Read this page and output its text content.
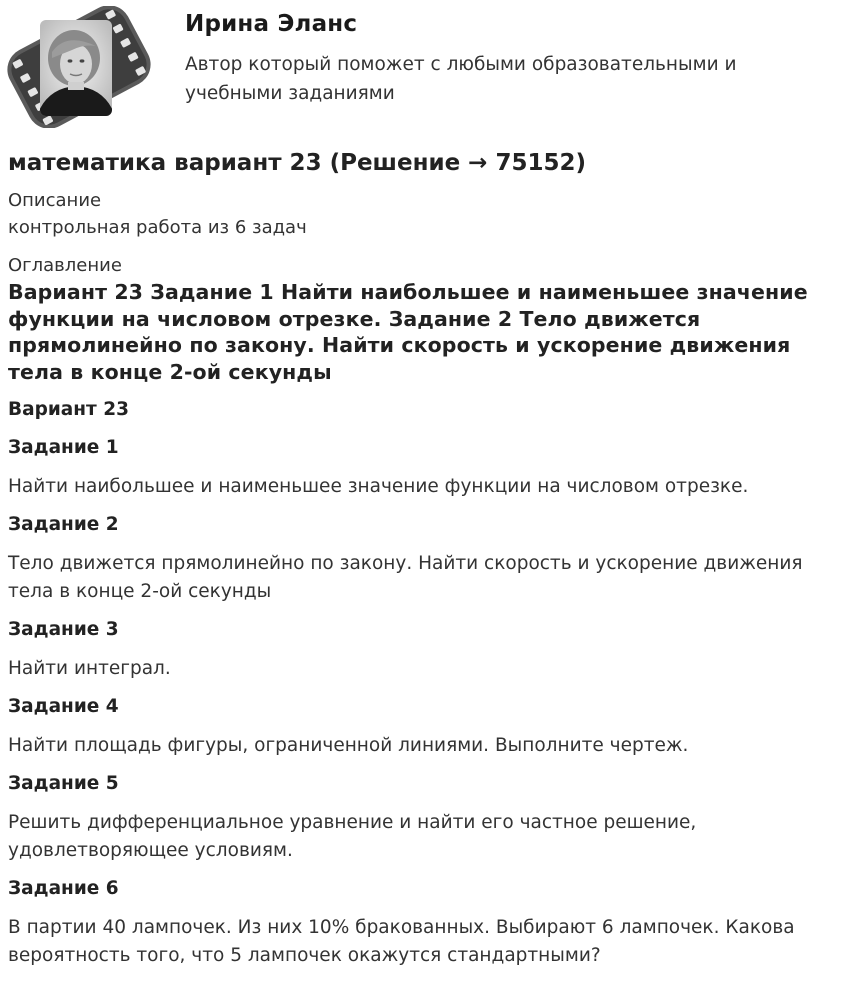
Ирина Эланс
Автор который поможет с любыми образовательными и учебными заданиями
математика вариант 23 (Решение → 75152)

Описание

контрольная работа из 6 задач

Оглавление

Вариант 23 Задание 1 Найти наибольшее и наименьшее значение функции на числовом отрезке. Задание 2 Тело движется прямолинейно по закону. Найти скорость и ускорение движения тела в конце 2-ой секунды

Вариант 23

Задание 1

Найти наибольшее и наименьшее значение функции на числовом отрезке.

Задание 2

Тело движется прямолинейно по закону. Найти скорость и ускорение движения тела в конце 2-ой секунды

Задание 3

Найти интеграл.

Задание 4

Найти площадь фигуры, ограниченной линиями. Выполните чертеж.

Задание 5

Решить дифференциальное уравнение и найти его частное решение, удовлетворяющее условиям.

Задание 6

В партии 40 лампочек. Из них 10% бракованных. Выбирают 6 лампочек. Какова вероятность того, что 5 лампочек окажутся стандартными?
